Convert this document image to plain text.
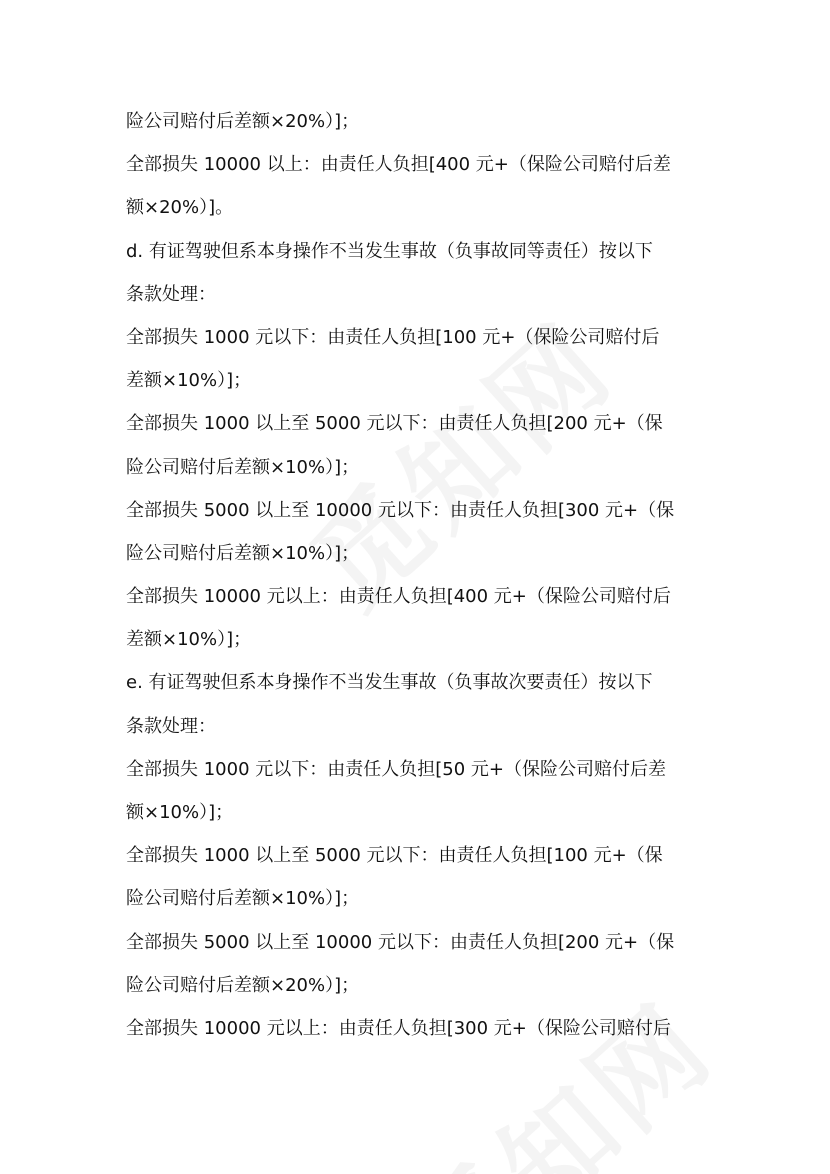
险公司赔付后差额×20%）]；
全部损失 10000 以上：由责任人负担[400 元+（保险公司赔付后差
额×20%）]。
d. 有证驾驶但系本身操作不当发生事故（负事故同等责任）按以下
条款处理：
全部损失 1000 元以下：由责任人负担[100 元+（保险公司赔付后
差额×10%）]；
全部损失 1000 以上至 5000 元以下：由责任人负担[200 元+（保
险公司赔付后差额×10%）]；
全部损失 5000 以上至 10000 元以下：由责任人负担[300 元+（保
险公司赔付后差额×10%）]；
全部损失 10000 元以上：由责任人负担[400 元+（保险公司赔付后
差额×10%）]；
e. 有证驾驶但系本身操作不当发生事故（负事故次要责任）按以下
条款处理：
全部损失 1000 元以下：由责任人负担[50 元+（保险公司赔付后差
额×10%）]；
全部损失 1000 以上至 5000 元以下：由责任人负担[100 元+（保
险公司赔付后差额×10%）]；
全部损失 5000 以上至 10000 元以下：由责任人负担[200 元+（保
险公司赔付后差额×20%）]；
全部损失 10000 元以上：由责任人负担[300 元+（保险公司赔付后
